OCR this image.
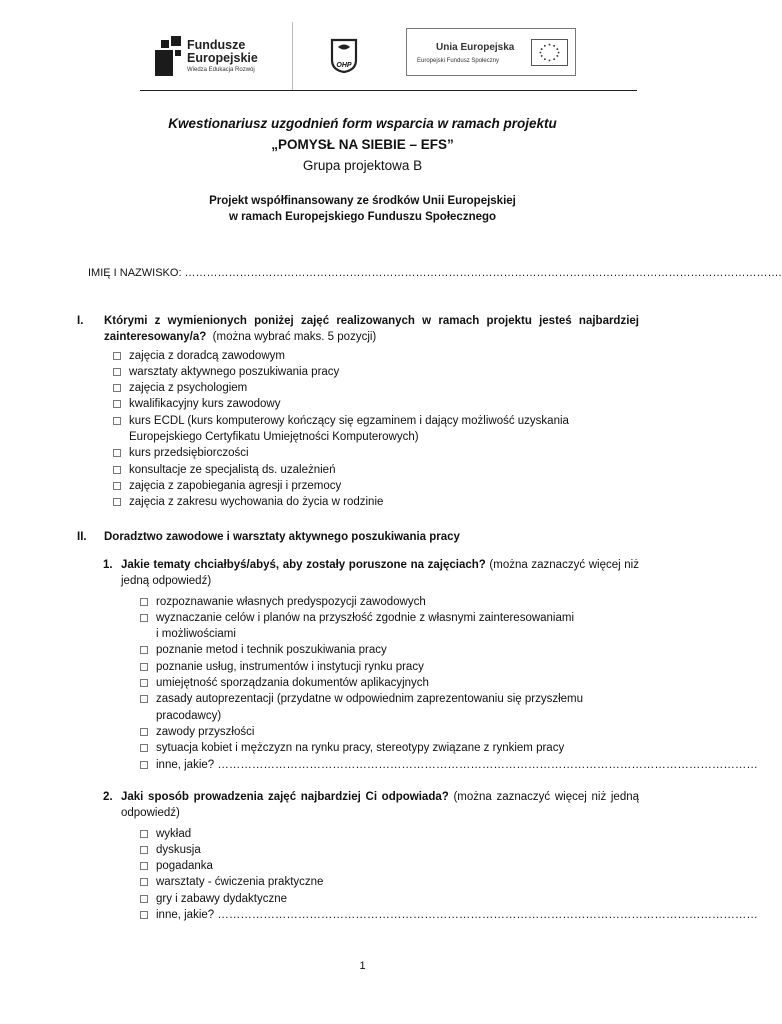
Fundusze
Europejskie
Wiedza Edukacja Rozwój
OHP
Unia Europejska
Europejski Fundusz Społeczny
Kwestionariusz uzgodnień form wsparcia w ramach projektu
„POMYSŁ NA SIEBIE – EFS”
Grupa projektowa B
Projekt współfinansowany ze środków Unii Europejskiej
w ramach Europejskiego Funduszu Społecznego
IMIĘ I NAZWISKO: ……………………………………………………………………………………………………………………………………………….
I. Którymi z wymienionych poniżej zajęć realizowanych w ramach projektu jesteś najbardziej zainteresowany/a? (można wybrać maks. 5 pozycji)

zajęcia z doradcą zawodowym
warsztaty aktywnego poszukiwania pracy
zajęcia z psychologiem
kwalifikacyjny kurs zawodowy
kurs ECDL (kurs komputerowy kończący się egzaminem i dający możliwość uzyskania
Europejskiego Certyfikatu Umiejętności Komputerowych)
kurs przedsiębiorczości
konsultacje ze specjalistą ds. uzależnień
zajęcia z zapobiegania agresji i przemocy
zajęcia z zakresu wychowania do życia w rodzinie
II. Doradztwo zawodowe i warsztaty aktywnego poszukiwania pracy
1. Jakie tematy chciałbyś/abyś, aby zostały poruszone na zajęciach? (można zaznaczyć więcej niż jedną odpowiedź)

rozpoznawanie własnych predyspozycji zawodowych
wyznaczanie celów i planów na przyszłość zgodnie z własnymi zainteresowaniami
i możliwościami
poznanie metod i technik poszukiwania pracy
poznanie usług, instrumentów i instytucji rynku pracy
umiejętność sporządzania dokumentów aplikacyjnych
zasady autoprezentacji (przydatne w odpowiednim zaprezentowaniu się przyszłemu
pracodawcy)
zawody przyszłości
sytuacja kobiet i mężczyzn na rynku pracy, stereotypy związane z rynkiem pracy
inne, jakie? ……………………………………………………………………………………………………………………………
2. Jaki sposób prowadzenia zajęć najbardziej Ci odpowiada? (można zaznaczyć więcej niż jedną odpowiedź)

wykład
dyskusja
pogadanka
warsztaty - ćwiczenia praktyczne
gry i zabawy dydaktyczne
inne, jakie? ……………………………………………………………………………………………………………………………
1
